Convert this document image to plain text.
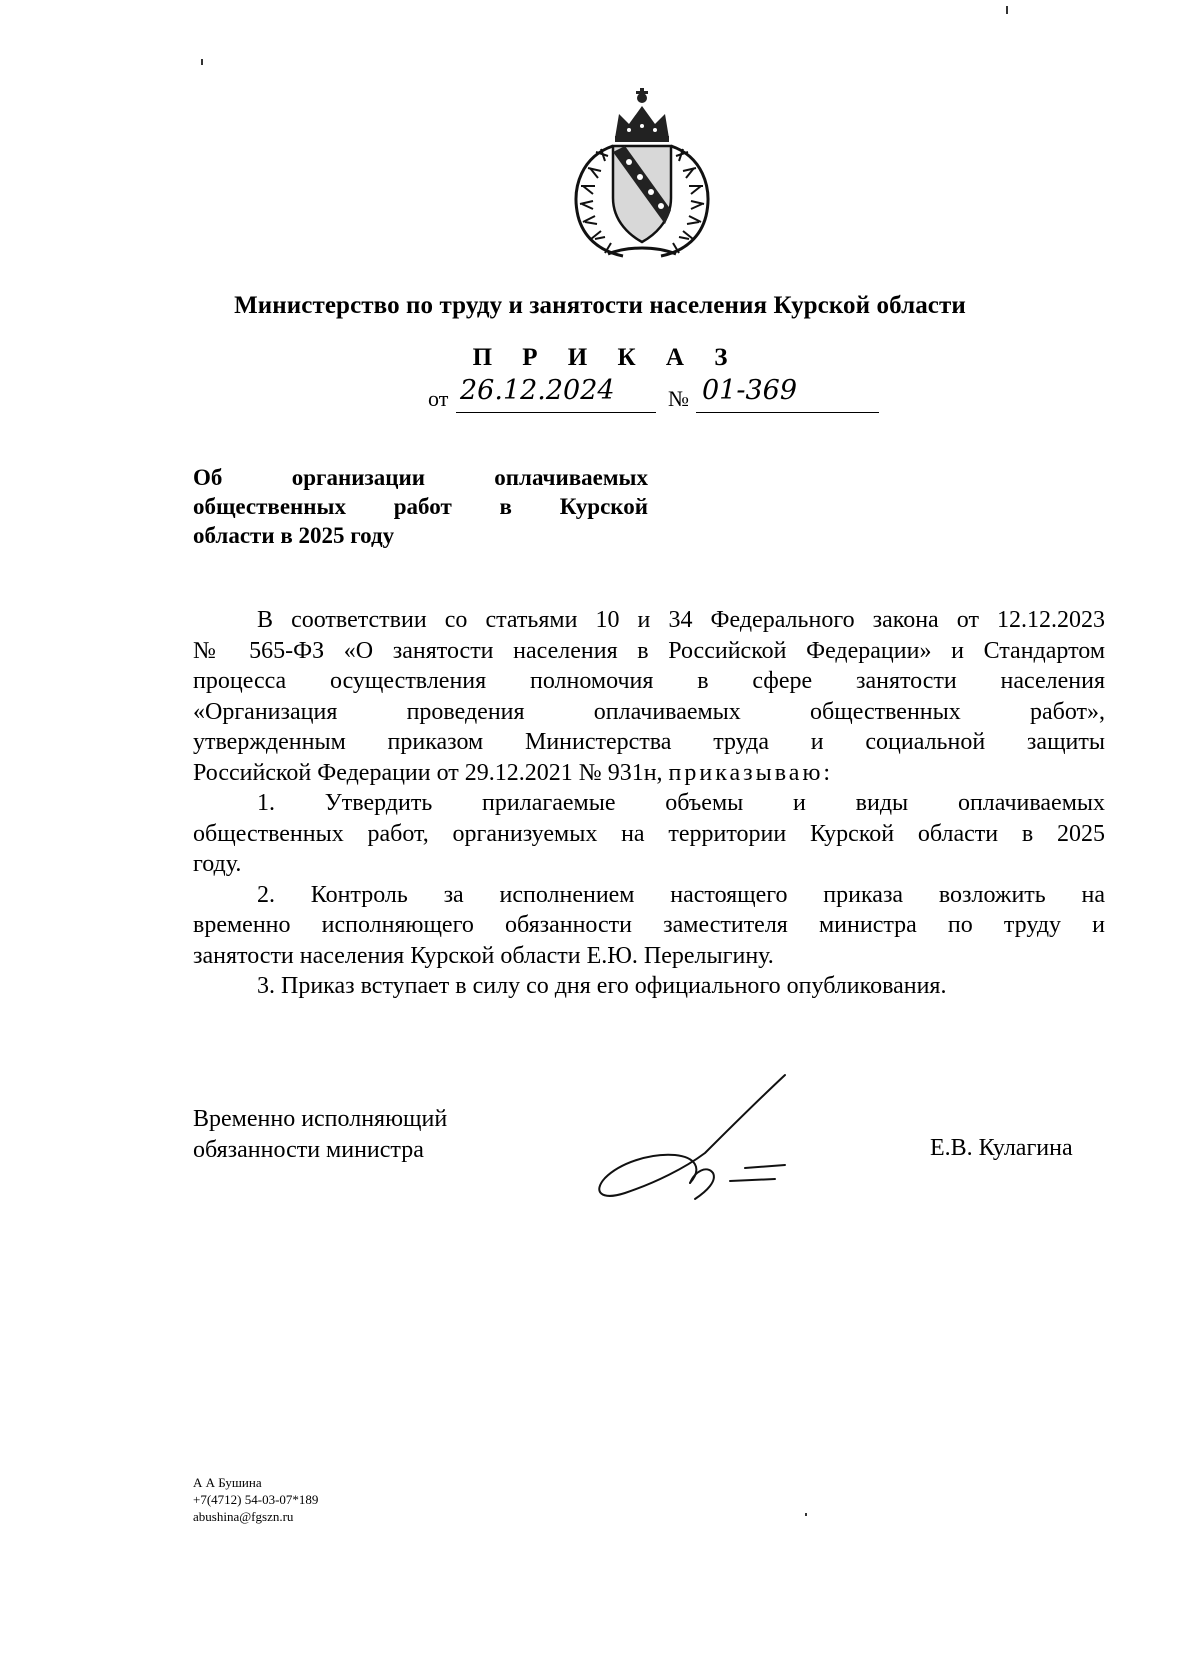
Министерство по труду и занятости населения Курской области
П Р И К А З
от 26.12.2024 № 01-369
Об организации оплачиваемых
общественных работ в Курской
области в 2025 году
В соответствии со статьями 10 и 34 Федерального закона от 12.12.2023
№ 565-ФЗ «О занятости населения в Российской Федерации» и Стандартом
процесса осуществления полномочия в сфере занятости населения
«Организация проведения оплачиваемых общественных работ»,
утвержденным приказом Министерства труда и социальной защиты
Российской Федерации от 29.12.2021 № 931н, приказываю:
1. Утвердить прилагаемые объемы и виды оплачиваемых
общественных работ, организуемых на территории Курской области в 2025
году.
2. Контроль за исполнением настоящего приказа возложить на
временно исполняющего обязанности заместителя министра по труду и
занятости населения Курской области Е.Ю. Перелыгину.
3. Приказ вступает в силу со дня его официального опубликования.
Временно исполняющий
обязанности министра	Е.В. Кулагина
А А Бушина
+7(4712) 54-03-07*189
abushina@fgszn.ru
